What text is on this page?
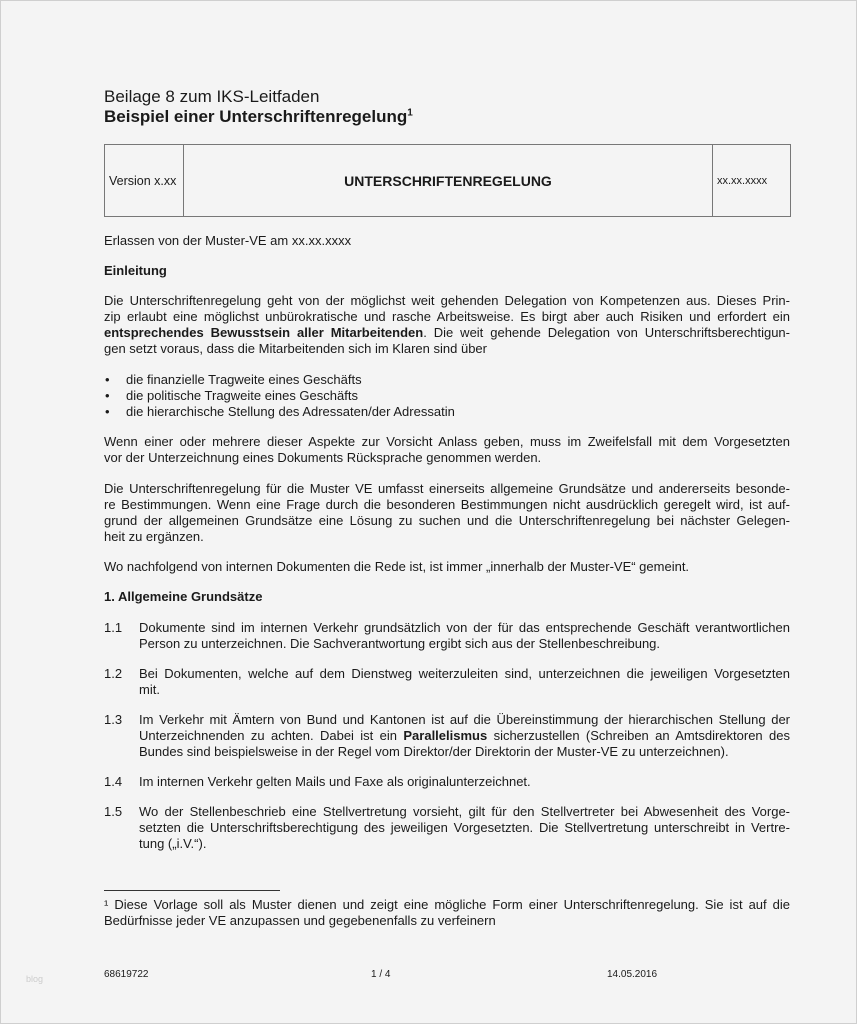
Beilage 8 zum IKS-Leitfaden
Beispiel einer Unterschriftenregelung$^1$
Version x.xx	UNTERSCHRIFTENREGELUNG	xx.xx.xxxx
Erlassen von der Muster-VE am xx.xx.xxxx
Einleitung
Die Unterschriftenregelung geht von der möglichst weit gehenden Delegation von Kompetenzen aus. Dieses Prin-
zip erlaubt eine möglichst unbürokratische und rasche Arbeitsweise. Es birgt aber auch Risiken und erfordert ein
entsprechendes Bewusstsein aller Mitarbeitenden. Die weit gehende Delegation von Unterschriftsberechtigun-
gen setzt voraus, dass die Mitarbeitenden sich im Klaren sind über
• die finanzielle Tragweite eines Geschäfts
• die politische Tragweite eines Geschäfts
• die hierarchische Stellung des Adressaten/der Adressatin
Wenn einer oder mehrere dieser Aspekte zur Vorsicht Anlass geben, muss im Zweifelsfall mit dem Vorgesetzten
vor der Unterzeichnung eines Dokuments Rücksprache genommen werden.
Die Unterschriftenregelung für die Muster VE umfasst einerseits allgemeine Grundsätze und andererseits besonde-
re Bestimmungen. Wenn eine Frage durch die besonderen Bestimmungen nicht ausdrücklich geregelt wird, ist auf-
grund der allgemeinen Grundsätze eine Lösung zu suchen und die Unterschriftenregelung bei nächster Gelegen-
heit zu ergänzen.
Wo nachfolgend von internen Dokumenten die Rede ist, ist immer „innerhalb der Muster-VE“ gemeint.
1. Allgemeine Grundsätze
1.1 Dokumente sind im internen Verkehr grundsätzlich von der für das entsprechende Geschäft verantwortlichen
Person zu unterzeichnen. Die Sachverantwortung ergibt sich aus der Stellenbeschreibung.
1.2 Bei Dokumenten, welche auf dem Dienstweg weiterzuleiten sind, unterzeichnen die jeweiligen Vorgesetzten
mit.
1.3 Im Verkehr mit Ämtern von Bund und Kantonen ist auf die Übereinstimmung der hierarchischen Stellung der
Unterzeichnenden zu achten. Dabei ist ein Parallelismus sicherzustellen (Schreiben an Amtsdirektoren des
Bundes sind beispielsweise in der Regel vom Direktor/der Direktorin der Muster-VE zu unterzeichnen).
1.4 Im internen Verkehr gelten Mails und Faxe als originalunterzeichnet.
1.5 Wo der Stellenbeschrieb eine Stellvertretung vorsieht, gilt für den Stellvertreter bei Abwesenheit des Vorge-
setzten die Unterschriftsberechtigung des jeweiligen Vorgesetzten. Die Stellvertretung unterschreibt in Vertre-
tung („i.V.“).
¹ Diese Vorlage soll als Muster dienen und zeigt eine mögliche Form einer Unterschriftenregelung. Sie ist auf die
Bedürfnisse jeder VE anzupassen und gegebenenfalls zu verfeinern
blog	68619722	1 / 4	14.05.2016
